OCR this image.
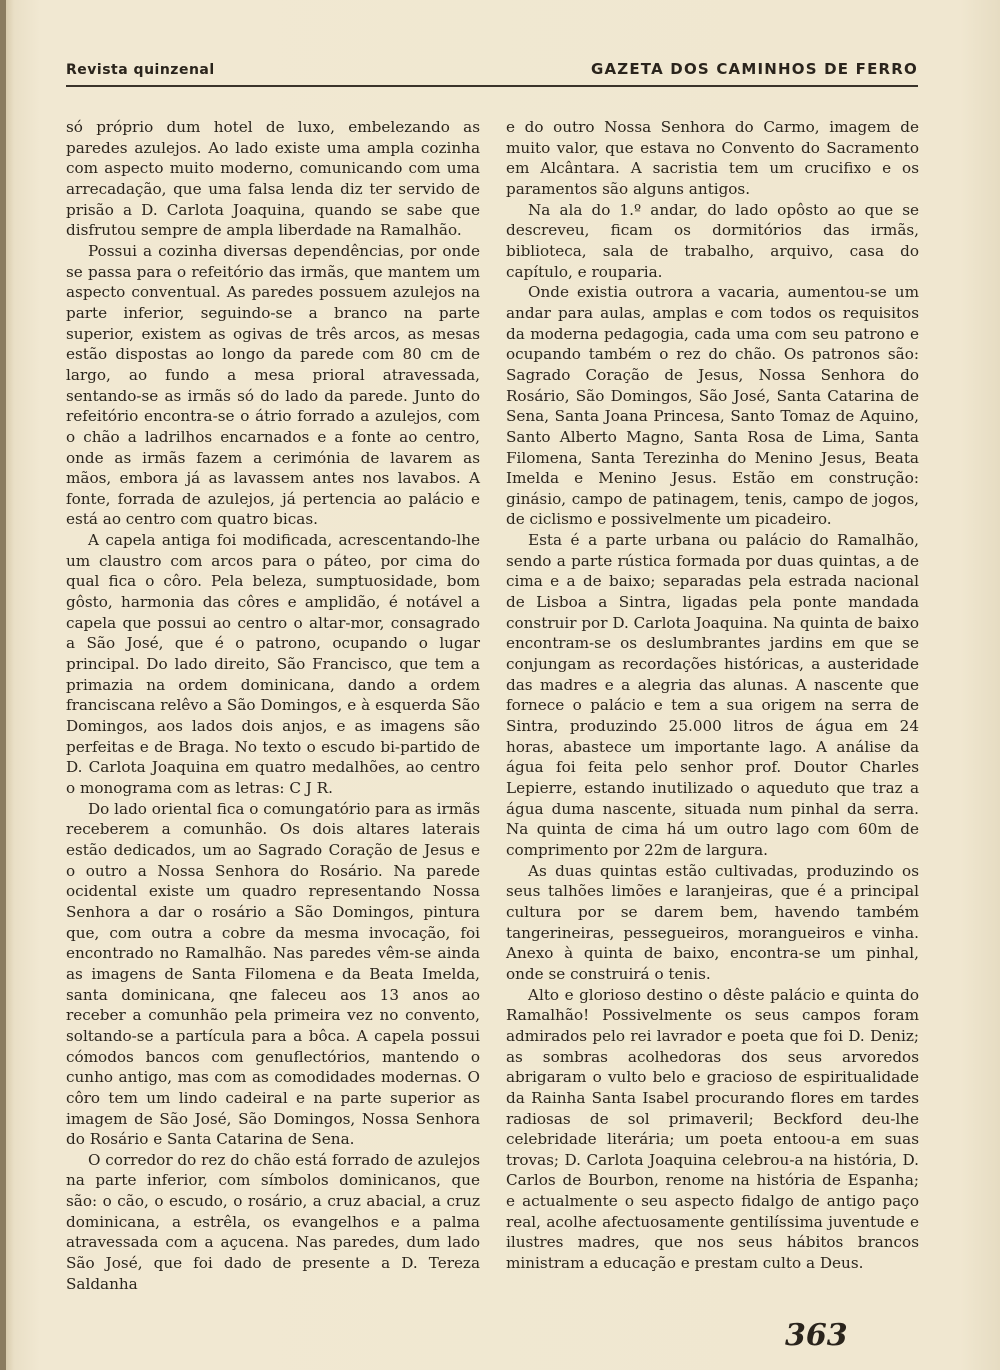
Revista quinzenal	GAZETA DOS CAMINHOS DE FERRO

só próprio dum hotel de luxo, embelezando as paredes azulejos. Ao lado existe uma ampla cozinha com aspecto muito moderno, comunicando com uma arrecadação, que uma falsa lenda diz ter servido de prisão a D. Carlota Joaquina, quando se sabe que disfrutou sempre de ampla liberdade na Ramalhão.

Possui a cozinha diversas dependências, por onde se passa para o refeitório das irmãs, que mantem um aspecto conventual. As paredes possuem azulejos na parte inferior, seguindo-se a branco na parte superior, existem as ogivas de três arcos, as mesas estão dispostas ao longo da parede com 80 cm de largo, ao fundo a mesa prioral atravessada, sentando-se as irmãs só do lado da parede. Junto do refeitório encontra-se o átrio forrado a azulejos, com o chão a ladrilhos encarnados e a fonte ao centro, onde as irmãs fazem a cerimónia de lavarem as mãos, embora já as lavassem antes nos lavabos. A fonte, forrada de azulejos, já pertencia ao palácio e está ao centro com quatro bicas.

A capela antiga foi modificada, acrescentando-lhe um claustro com arcos para o páteo, por cima do qual fica o côro. Pela beleza, sumptuosidade, bom gôsto, harmonia das côres e amplidão, é notável a capela que possui ao centro o altar-mor, consagrado a São José, que é o patrono, ocupando o lugar principal. Do lado direito, São Francisco, que tem a primazia na ordem dominicana, dando a ordem franciscana relêvo a São Domingos, e à esquerda São Domingos, aos lados dois anjos, e as imagens são perfeitas e de Braga. No texto o escudo bi-partido de D. Carlota Joaquina em quatro medalhões, ao centro o monograma com as letras: C J R.

Do lado oriental fica o comungatório para as irmãs receberem a comunhão. Os dois altares laterais estão dedicados, um ao Sagrado Coração de Jesus e o outro a Nossa Senhora do Rosário. Na parede ocidental existe um quadro representando Nossa Senhora a dar o rosário a São Domingos, pintura que, com outra a cobre da mesma invocação, foi encontrado no Ramalhão. Nas paredes vêm-se ainda as imagens de Santa Filomena e da Beata Imelda, santa dominicana, qne faleceu aos 13 anos ao receber a comunhão pela primeira vez no convento, soltando-se a partícula para a bôca. A capela possui cómodos bancos com genuflectórios, mantendo o cunho antigo, mas com as comodidades modernas. O côro tem um lindo cadeiral e na parte superior as imagem de São José, São Domingos, Nossa Senhora do Rosário e Santa Catarina de Sena.

O corredor do rez do chão está forrado de azulejos na parte inferior, com símbolos dominicanos, que são: o cão, o escudo, o rosário, a cruz abacial, a cruz dominicana, a estrêla, os evangelhos e a palma atravessada com a açucena. Nas paredes, dum lado São José, que foi dado de presente a D. Tereza Saldanha

e do outro Nossa Senhora do Carmo, imagem de muito valor, que estava no Convento do Sacramento em Alcântara. A sacristia tem um crucifixo e os paramentos são alguns antigos.

Na ala do 1.º andar, do lado opôsto ao que se descreveu, ficam os dormitórios das irmãs, biblioteca, sala de trabalho, arquivo, casa do capítulo, e rouparia.

Onde existia outrora a vacaria, aumentou-se um andar para aulas, amplas e com todos os requisitos da moderna pedagogia, cada uma com seu patrono e ocupando também o rez do chão. Os patronos são: Sagrado Coração de Jesus, Nossa Senhora do Rosário, São Domingos, São José, Santa Catarina de Sena, Santa Joana Princesa, Santo Tomaz de Aquino, Santo Alberto Magno, Santa Rosa de Lima, Santa Filomena, Santa Terezinha do Menino Jesus, Beata Imelda e Menino Jesus. Estão em construção: ginásio, campo de patinagem, tenis, campo de jogos, de ciclismo e possivelmente um picadeiro.

Esta é a parte urbana ou palácio do Ramalhão, sendo a parte rústica formada por duas quintas, a de cima e a de baixo; separadas pela estrada nacional de Lisboa a Sintra, ligadas pela ponte mandada construir por D. Carlota Joaquina. Na quinta de baixo encontram-se os deslumbrantes jardins em que se conjungam as recordações históricas, a austeridade das madres e a alegria das alunas. A nascente que fornece o palácio e tem a sua origem na serra de Sintra, produzindo 25.000 litros de água em 24 horas, abastece um importante lago. A análise da água foi feita pelo senhor prof. Doutor Charles Lepierre, estando inutilizado o aqueduto que traz a água duma nascente, situada num pinhal da serra. Na quinta de cima há um outro lago com 60m de comprimento por 22m de largura.

As duas quintas estão cultivadas, produzindo os seus talhões limões e laranjeiras, que é a principal cultura por se darem bem, havendo também tangerineiras, pessegueiros, morangueiros e vinha. Anexo à quinta de baixo, encontra-se um pinhal, onde se construirá o tenis.

Alto e glorioso destino o dêste palácio e quinta do Ramalhão! Possivelmente os seus campos foram admirados pelo rei lavrador e poeta que foi D. Deniz; as sombras acolhedoras dos seus arvoredos abrigaram o vulto belo e gracioso de espiritualidade da Rainha Santa Isabel procurando flores em tardes radiosas de sol primaveril; Beckford deu-lhe celebridade literária; um poeta entoou-a em suas trovas; D. Carlota Joaquina celebrou-a na história, D. Carlos de Bourbon, renome na história de Espanha; e actualmente o seu aspecto fidalgo de antigo paço real, acolhe afectuosamente gentilíssima juventude e ilustres madres, que nos seus hábitos brancos ministram a educação e prestam culto a Deus.

363
